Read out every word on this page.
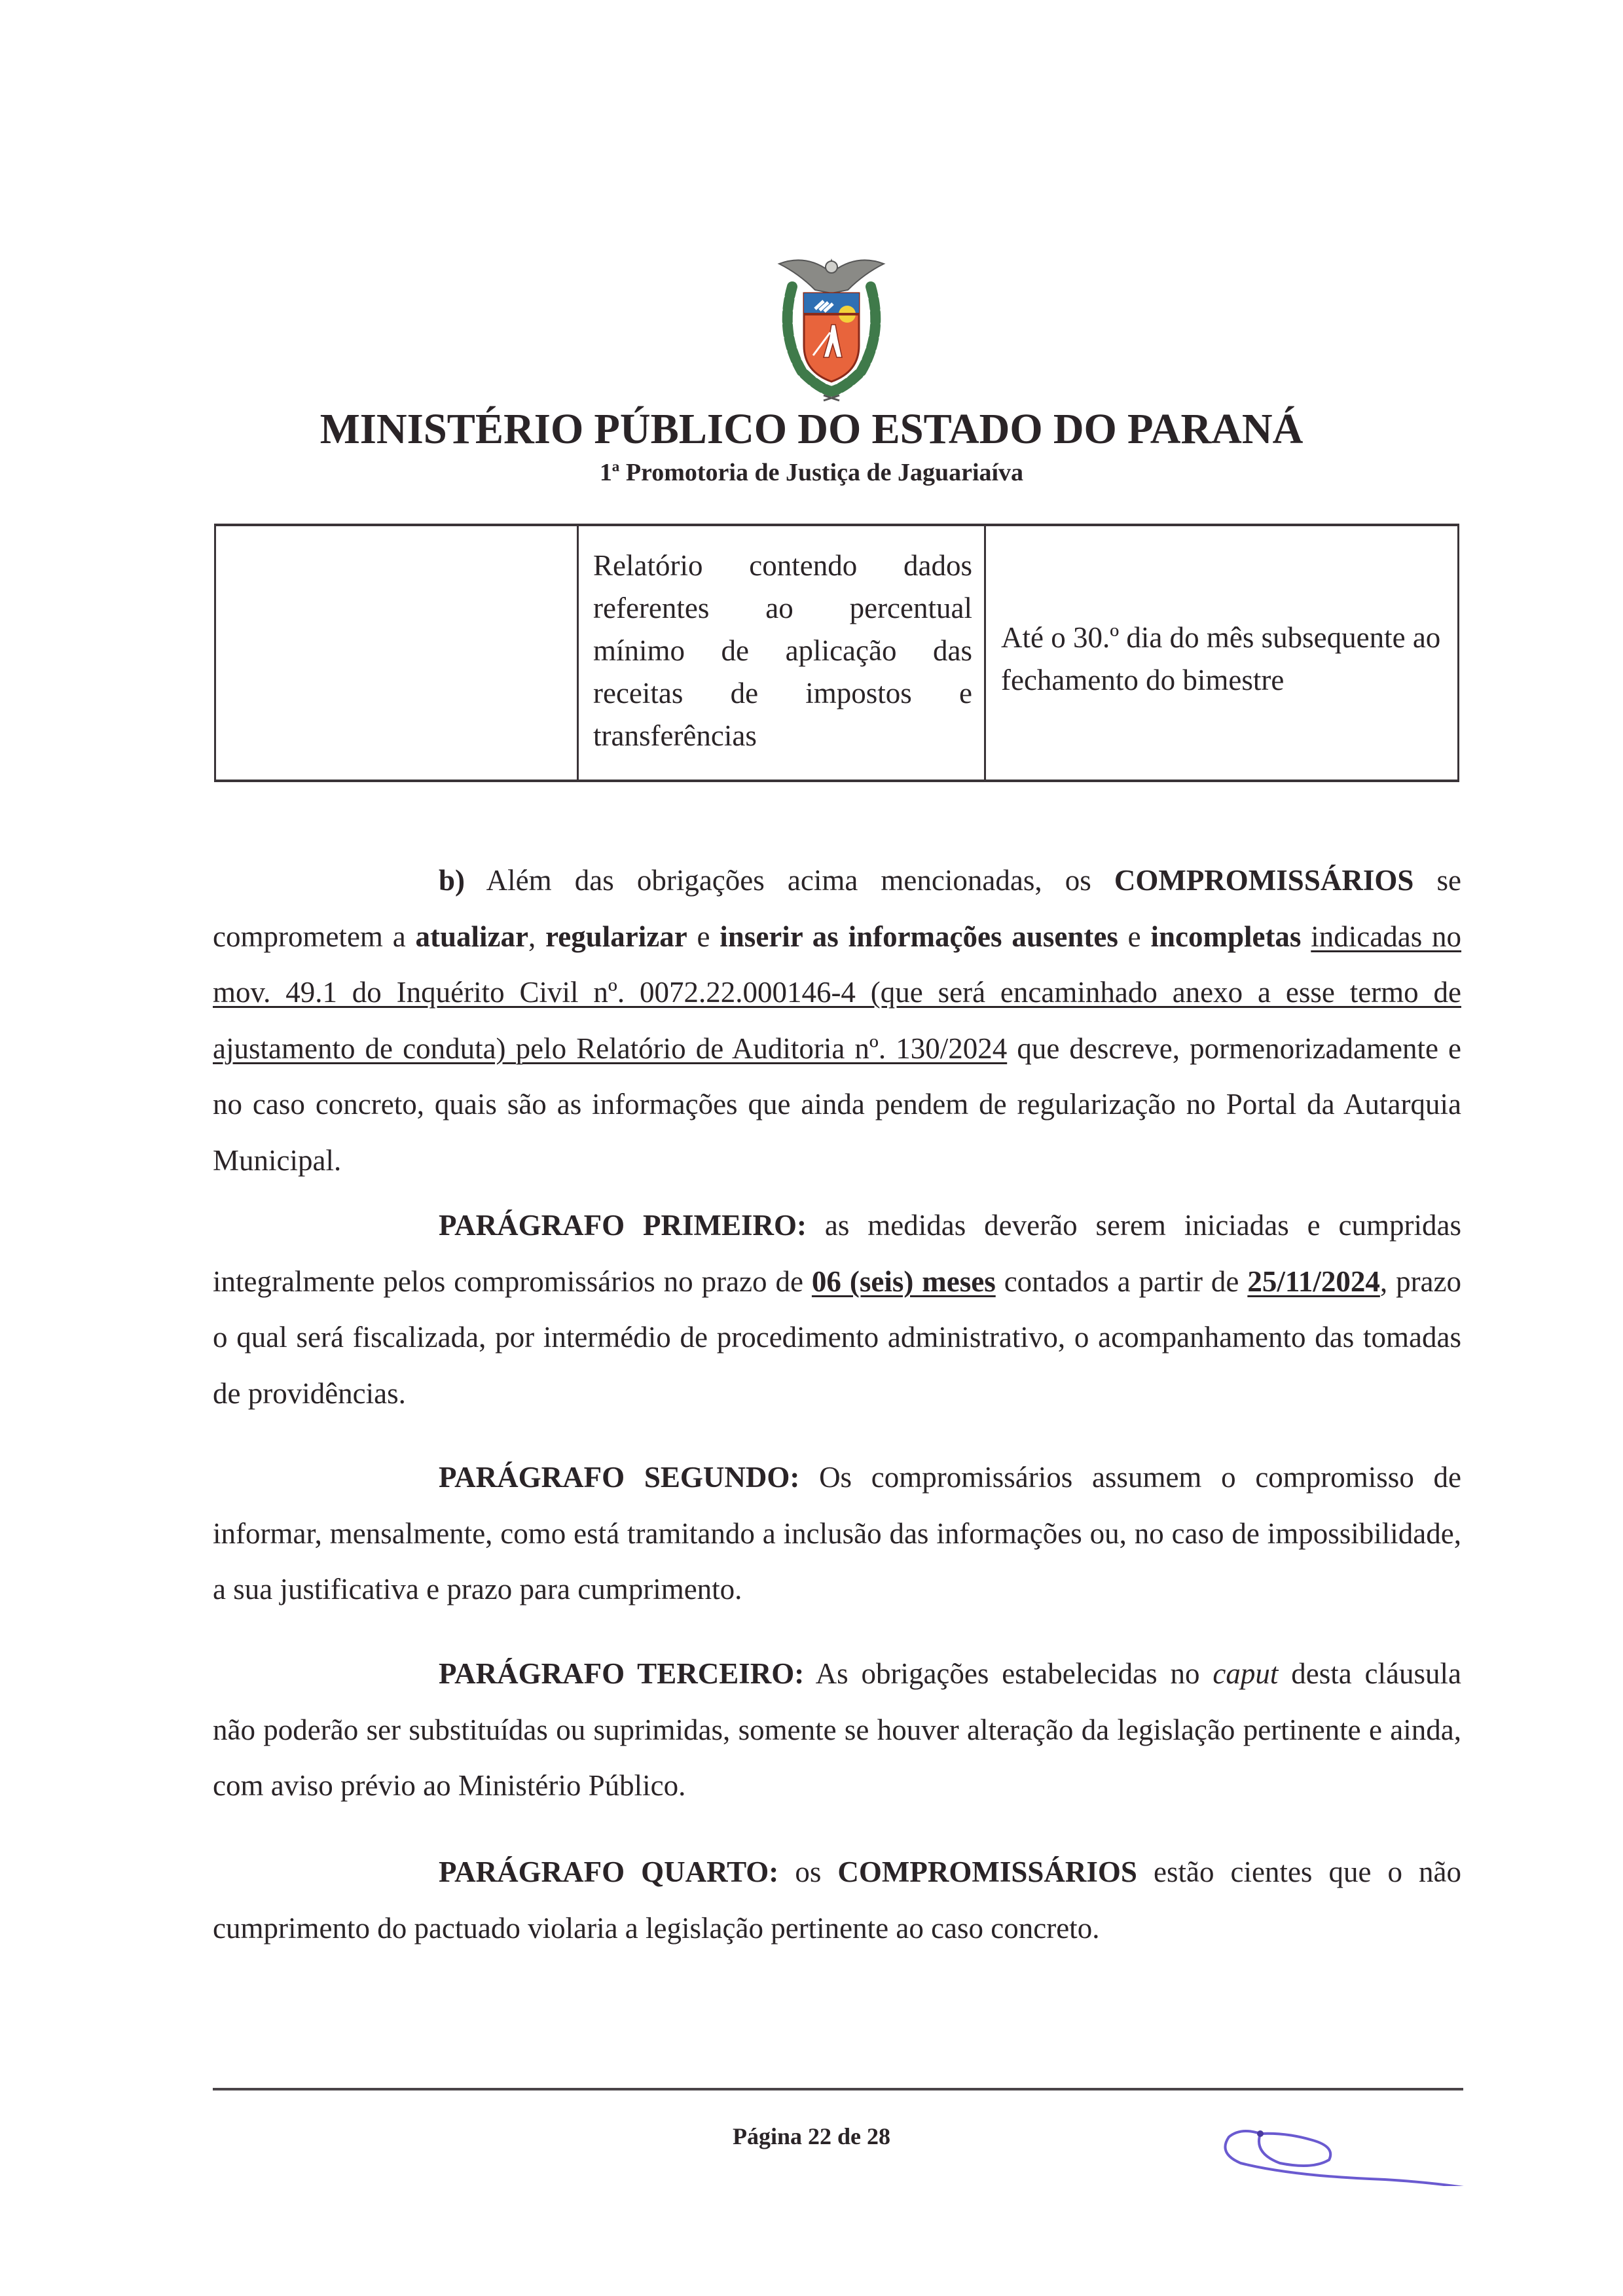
MINISTÉRIO PÚBLICO DO ESTADO DO PARANÁ
1ª Promotoria de Justiça de Jaguariaíva
Relatório contendo dados referentes ao percentual mínimo de aplicação das receitas de impostos e transferências
Até o 30.º dia do mês subsequente ao fechamento do bimestre

b) Além das obrigações acima mencionadas, os COMPROMISSÁRIOS se comprometem a atualizar, regularizar e inserir as informações ausentes e incompletas indicadas no mov. 49.1 do Inquérito Civil nº. 0072.22.000146-4 (que será encaminhado anexo a esse termo de ajustamento de conduta) pelo Relatório de Auditoria nº. 130/2024 que descreve, pormenorizadamente e no caso concreto, quais são as informações que ainda pendem de regularização no Portal da Autarquia Municipal.

PARÁGRAFO PRIMEIRO: as medidas deverão serem iniciadas e cumpridas integralmente pelos compromissários no prazo de 06 (seis) meses contados a partir de 25/11/2024, prazo o qual será fiscalizada, por intermédio de procedimento administrativo, o acompanhamento das tomadas de providências.

PARÁGRAFO SEGUNDO: Os compromissários assumem o compromisso de informar, mensalmente, como está tramitando a inclusão das informações ou, no caso de impossibilidade, a sua justificativa e prazo para cumprimento.

PARÁGRAFO TERCEIRO: As obrigações estabelecidas no caput desta cláusula não poderão ser substituídas ou suprimidas, somente se houver alteração da legislação pertinente e ainda, com aviso prévio ao Ministério Público.

PARÁGRAFO QUARTO: os COMPROMISSÁRIOS estão cientes que o não cumprimento do pactuado violaria a legislação pertinente ao caso concreto.

Página 22 de 28
